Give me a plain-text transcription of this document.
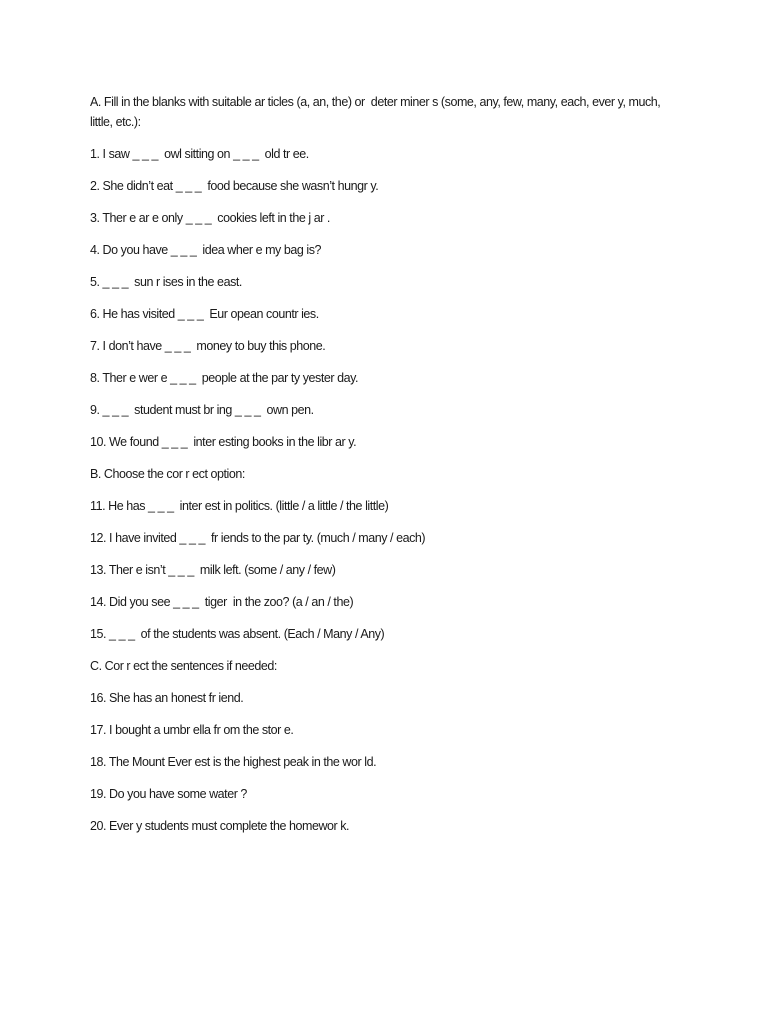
A. Fill in the blanks with suitable ar ticles (a, an, the) or  deter miner s (some, any, few, many, each, ever y, much, little, etc.):
1. I saw _ _ _  owl sitting on _ _ _  old tr ee.
2. She didn’t eat _ _ _  food because she wasn’t hungr y.
3. Ther e ar e only _ _ _  cookies left in the j ar .
4. Do you have _ _ _  idea wher e my bag is?
5. _ _ _  sun r ises in the east.
6. He has visited _ _ _  Eur opean countr ies.
7. I don’t have _ _ _  money to buy this phone.
8. Ther e wer e _ _ _  people at the par ty yester day.
9. _ _ _  student must br ing _ _ _  own pen.
10. We found _ _ _  inter esting books in the libr ar y.
B. Choose the cor r ect option:
11. He has _ _ _  inter est in politics. (little / a little / the little)
12. I have invited _ _ _  fr iends to the par ty. (much / many / each)
13. Ther e isn’t _ _ _  milk left. (some / any / few)
14. Did you see _ _ _  tiger  in the zoo? (a / an / the)
15. _ _ _  of the students was absent. (Each / Many / Any)
C. Cor r ect the sentences if needed:
16. She has an honest fr iend.
17. I bought a umbr ella fr om the stor e.
18. The Mount Ever est is the highest peak in the wor ld.
19. Do you have some water ?
20. Ever y students must complete the homewor k.
